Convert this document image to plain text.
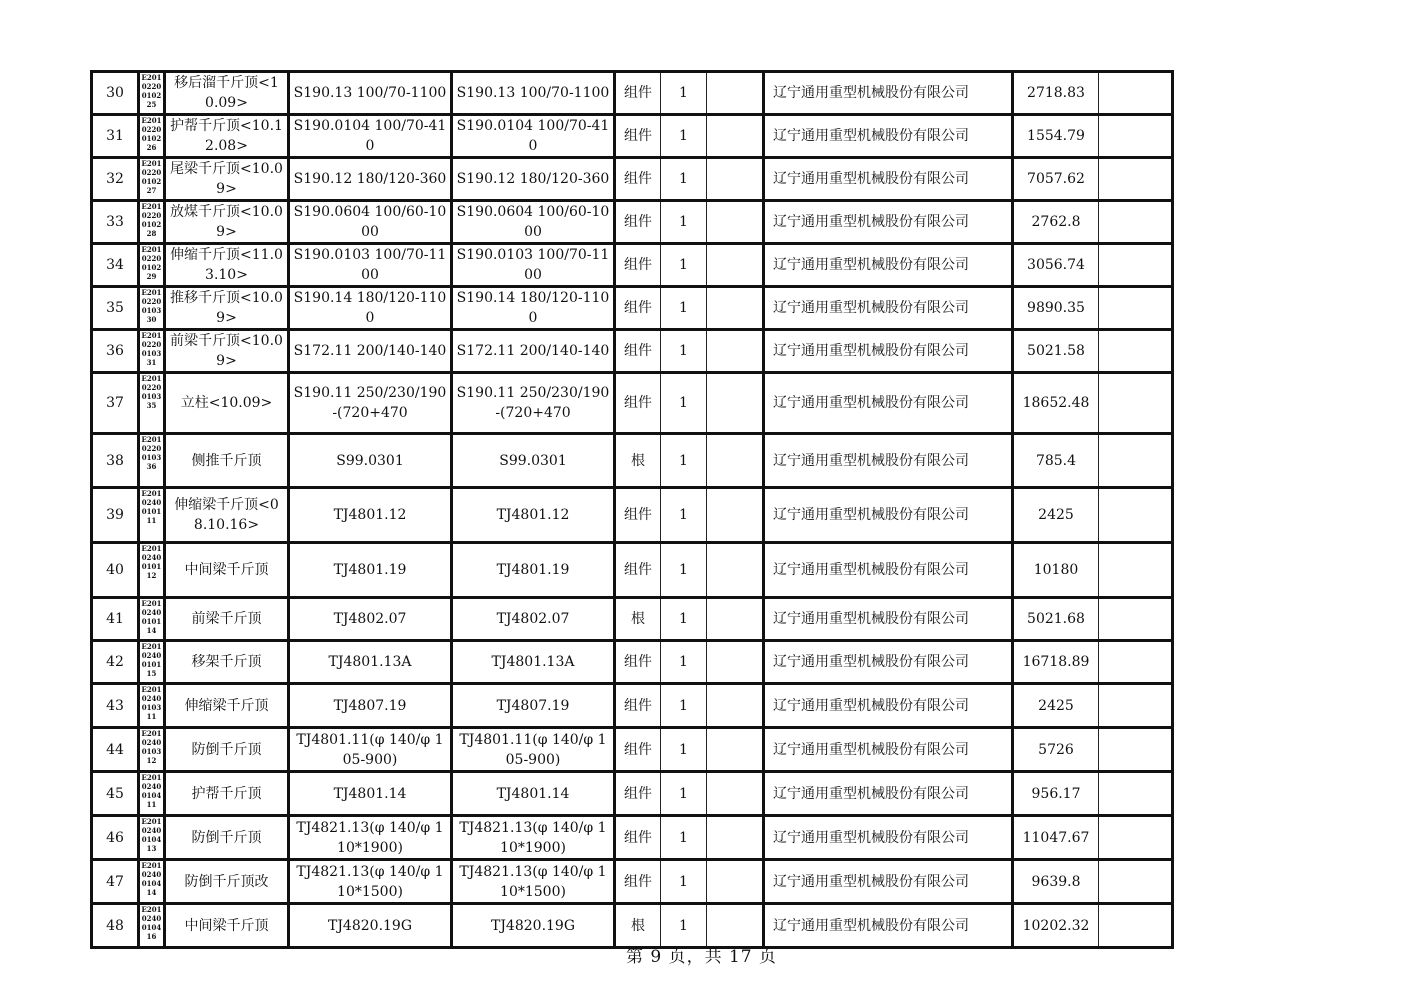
30	E2010220010225	移后溜千斤顶<10.09>	S190.13 100/70-1100	S190.13 100/70-1100	组件	1		辽宁通用重型机械股份有限公司	2718.83	
31	E2010220010226	护帮千斤顶<10.12.08>	S190.0104 100/70-410	S190.0104 100/70-410	组件	1		辽宁通用重型机械股份有限公司	1554.79	
32	E2010220010227	尾梁千斤顶<10.09>	S190.12 180/120-360	S190.12 180/120-360	组件	1		辽宁通用重型机械股份有限公司	7057.62	
33	E2010220010228	放煤千斤顶<10.09>	S190.0604 100/60-1000	S190.0604 100/60-1000	组件	1		辽宁通用重型机械股份有限公司	2762.8	
34	E2010220010229	伸缩千斤顶<11.03.10>	S190.0103 100/70-1100	S190.0103 100/70-1100	组件	1		辽宁通用重型机械股份有限公司	3056.74	
35	E2010220010330	推移千斤顶<10.09>	S190.14 180/120-1100	S190.14 180/120-1100	组件	1		辽宁通用重型机械股份有限公司	9890.35	
36	E2010220010331	前梁千斤顶<10.09>	S172.11 200/140-140	S172.11 200/140-140	组件	1		辽宁通用重型机械股份有限公司	5021.58	
37	E2010220010335	立柱<10.09>	S190.11 250/230/190-(720+470	S190.11 250/230/190-(720+470	组件	1		辽宁通用重型机械股份有限公司	18652.48	
38	E2010220010336	侧推千斤顶	S99.0301	S99.0301	根	1		辽宁通用重型机械股份有限公司	785.4	
39	E2010240010111	伸缩梁千斤顶<08.10.16>	TJ4801.12	TJ4801.12	组件	1		辽宁通用重型机械股份有限公司	2425	
40	E2010240010112	中间梁千斤顶	TJ4801.19	TJ4801.19	组件	1		辽宁通用重型机械股份有限公司	10180	
41	E2010240010114	前梁千斤顶	TJ4802.07	TJ4802.07	根	1		辽宁通用重型机械股份有限公司	5021.68	
42	E2010240010115	移架千斤顶	TJ4801.13A	TJ4801.13A	组件	1		辽宁通用重型机械股份有限公司	16718.89	
43	E2010240010311	伸缩梁千斤顶	TJ4807.19	TJ4807.19	组件	1		辽宁通用重型机械股份有限公司	2425	
44	E2010240010312	防倒千斤顶	TJ4801.11(φ 140/φ 105-900)	TJ4801.11(φ 140/φ 105-900)	组件	1		辽宁通用重型机械股份有限公司	5726	
45	E2010240010411	护帮千斤顶	TJ4801.14	TJ4801.14	组件	1		辽宁通用重型机械股份有限公司	956.17	
46	E2010240010413	防倒千斤顶	TJ4821.13(φ 140/φ 110*1900)	TJ4821.13(φ 140/φ 110*1900)	组件	1		辽宁通用重型机械股份有限公司	11047.67	
47	E2010240010414	防倒千斤顶改	TJ4821.13(φ 140/φ 110*1500)	TJ4821.13(φ 140/φ 110*1500)	组件	1		辽宁通用重型机械股份有限公司	9639.8	
48	E2010240010416	中间梁千斤顶	TJ4820.19G	TJ4820.19G	根	1		辽宁通用重型机械股份有限公司	10202.32	
第 9 页，共 17 页
